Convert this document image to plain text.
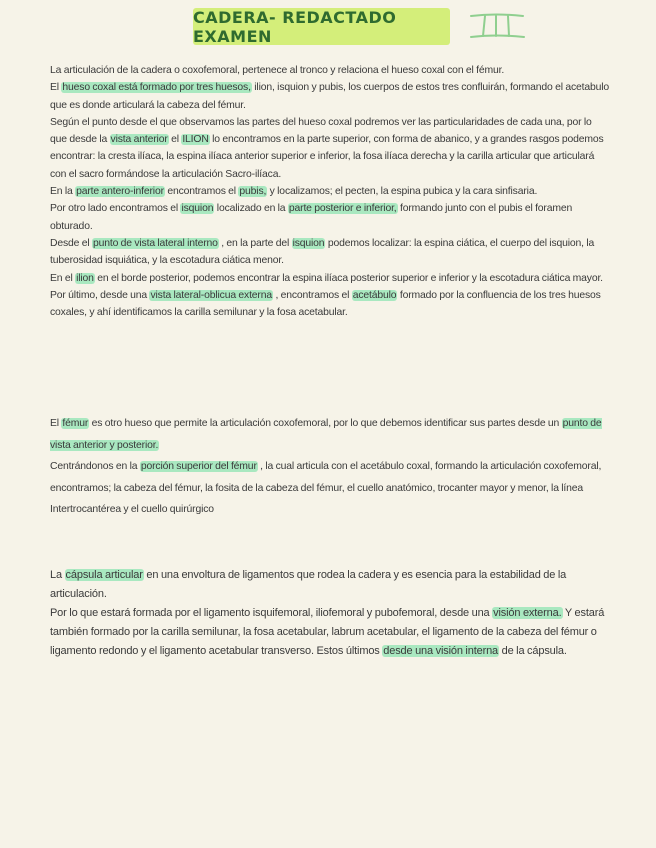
CADERA- REDACTADO EXAMEN

La articulación de la cadera o coxofemoral, pertenece al tronco y relaciona el hueso coxal con el fémur.

El hueso coxal está formado por tres huesos, ilion, isquion y pubis, los cuerpos de estos tres confluirán, formando el acetabulo que es donde articulará la cabeza del fémur.

Según el punto desde el que observamos las partes del hueso coxal podremos ver las particularidades de cada una, por lo que desde la vista anterior el ILION lo encontramos en la parte superior, con forma de abanico, y a grandes rasgos podemos encontrar: la cresta ilíaca, la espina ilíaca anterior superior e inferior, la fosa ilíaca derecha y la carilla articular que articulará con el sacro formándose la articulación Sacro-ilíaca.

En la parte antero-inferior encontramos el pubis, y localizamos; el pecten, la espina pubica y la cara sinfisaria.

Por otro lado encontramos el isquion localizado en la parte posterior e inferior, formando junto con el pubis el foramen obturado.

Desde el punto de vista lateral interno , en la parte del isquion podemos localizar: la espina ciática, el cuerpo del isquion, la tuberosidad isquiática, y la escotadura ciática menor.

En el ilion en el borde posterior, podemos encontrar la espina ilíaca posterior superior e inferior y la escotadura ciática mayor.

Por último, desde una vista lateral-oblicua externa , encontramos el acetábulo formado por la confluencia de los tres huesos coxales, y ahí identificamos la carilla semilunar y la fosa acetabular.

El fémur es otro hueso que permite la articulación coxofemoral, por lo que debemos identificar sus partes desde un punto de vista anterior y posterior.

Centrándonos en la porción superior del fémur , la cual articula con el acetábulo coxal, formando la articulación coxofemoral, encontramos; la cabeza del fémur, la fosita de la cabeza del fémur, el cuello anatómico, trocanter mayor y menor, la línea Intertrocantérea y el cuello quirúrgico

La cápsula articular en una envoltura de ligamentos que rodea la cadera y es esencia para la estabilidad de la articulación.

Por lo que estará formada por el ligamento isquifemoral, iliofemoral y pubofemoral, desde una visión externa. Y estará también formado por la carilla semilunar, la fosa acetabular, labrum acetabular, el ligamento de la cabeza del fémur o ligamento redondo y el ligamento acetabular transverso. Estos últimos desde una visión interna de la cápsula.
